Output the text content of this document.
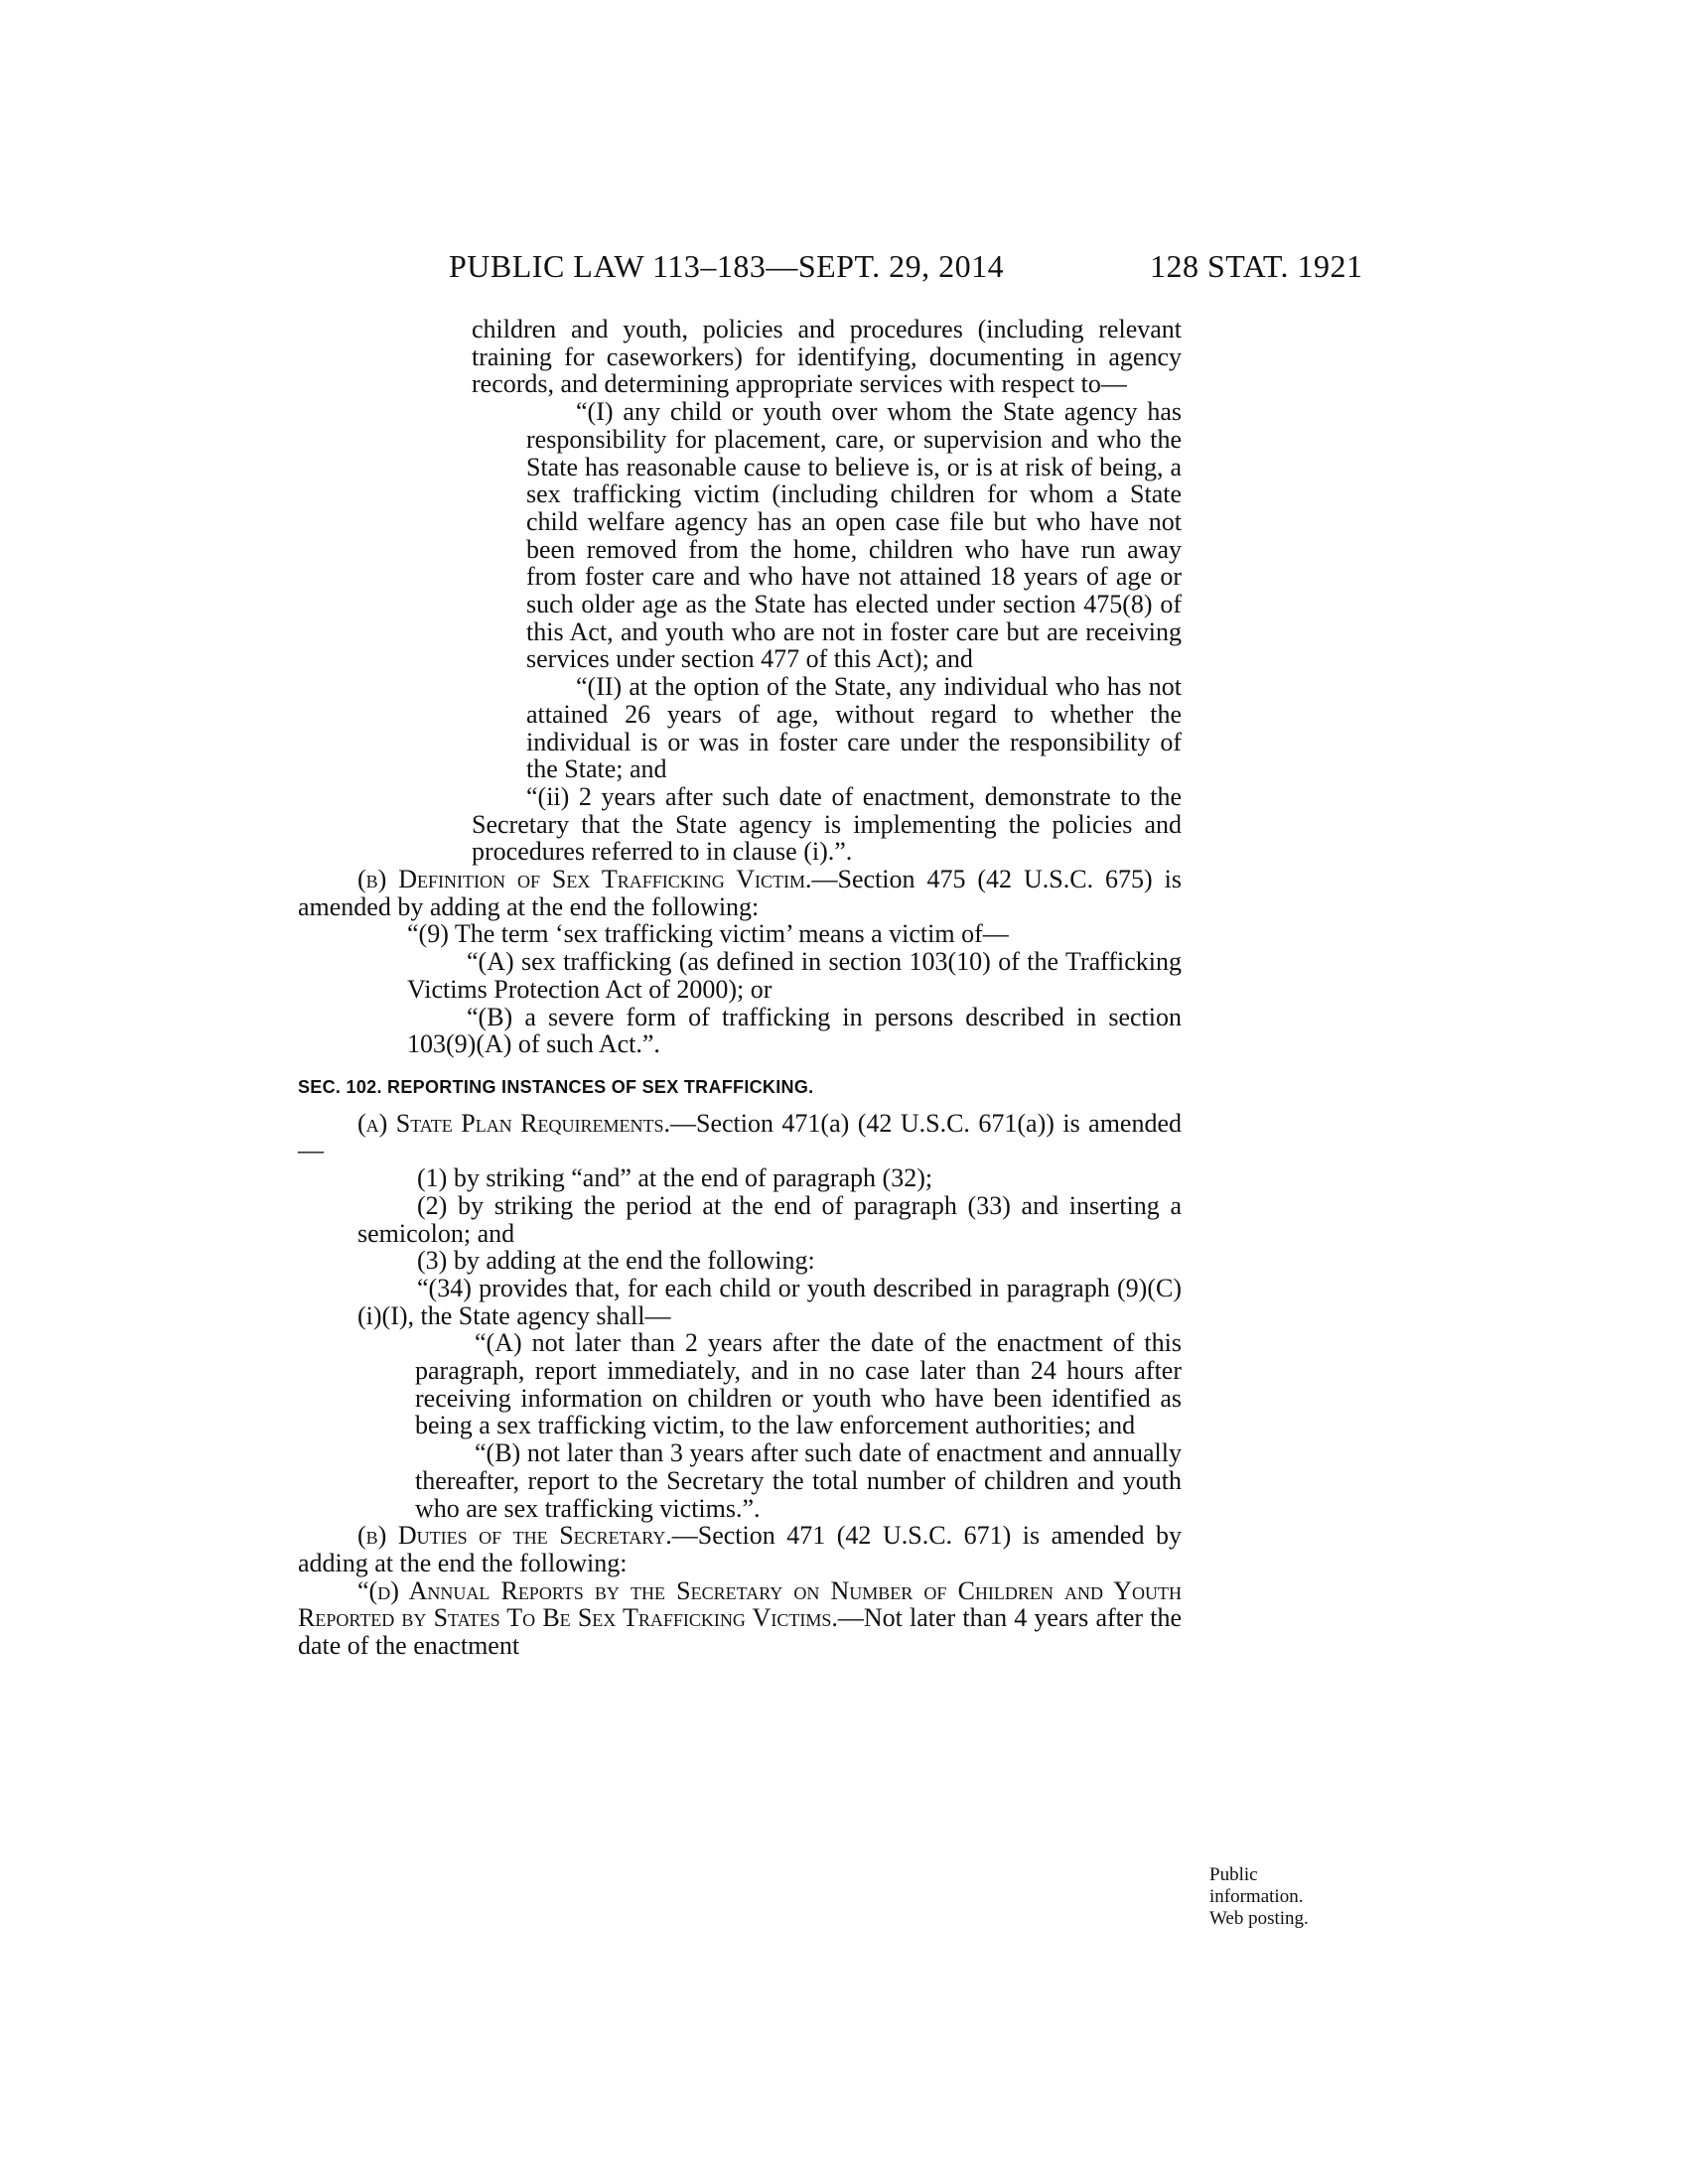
PUBLIC LAW 113–183—SEPT. 29, 2014	128 STAT. 1921

children and youth, policies and procedures (including relevant training for caseworkers) for identifying, documenting in agency records, and determining appropriate services with respect to—

“(I) any child or youth over whom the State agency has responsibility for placement, care, or supervision and who the State has reasonable cause to believe is, or is at risk of being, a sex trafficking victim (including children for whom a State child welfare agency has an open case file but who have not been removed from the home, children who have run away from foster care and who have not attained 18 years of age or such older age as the State has elected under section 475(8) of this Act, and youth who are not in foster care but are receiving services under section 477 of this Act); and

“(II) at the option of the State, any individual who has not attained 26 years of age, without regard to whether the individual is or was in foster care under the responsibility of the State; and

“(ii) 2 years after such date of enactment, demonstrate to the Secretary that the State agency is implementing the policies and procedures referred to in clause (i).”.

(b) Definition of Sex Trafficking Victim.—Section 475 (42 U.S.C. 675) is amended by adding at the end the following:

“(9) The term ‘sex trafficking victim’ means a victim of—

“(A) sex trafficking (as defined in section 103(10) of the Trafficking Victims Protection Act of 2000); or

“(B) a severe form of trafficking in persons described in section 103(9)(A) of such Act.”.

SEC. 102. REPORTING INSTANCES OF SEX TRAFFICKING.

(a) State Plan Requirements.—Section 471(a) (42 U.S.C. 671(a)) is amended—

(1) by striking “and” at the end of paragraph (32);

(2) by striking the period at the end of paragraph (33) and inserting a semicolon; and

(3) by adding at the end the following:

“(34) provides that, for each child or youth described in paragraph (9)(C)(i)(I), the State agency shall—

“(A) not later than 2 years after the date of the enactment of this paragraph, report immediately, and in no case later than 24 hours after receiving information on children or youth who have been identified as being a sex trafficking victim, to the law enforcement authorities; and

“(B) not later than 3 years after such date of enactment and annually thereafter, report to the Secretary the total number of children and youth who are sex trafficking victims.”.

(b) Duties of the Secretary.—Section 471 (42 U.S.C. 671) is amended by adding at the end the following:

“(d) Annual Reports by the Secretary on Number of Children and Youth Reported by States To Be Sex Trafficking Victims.—Not later than 4 years after the date of the enactment

Public
information.
Web posting.
